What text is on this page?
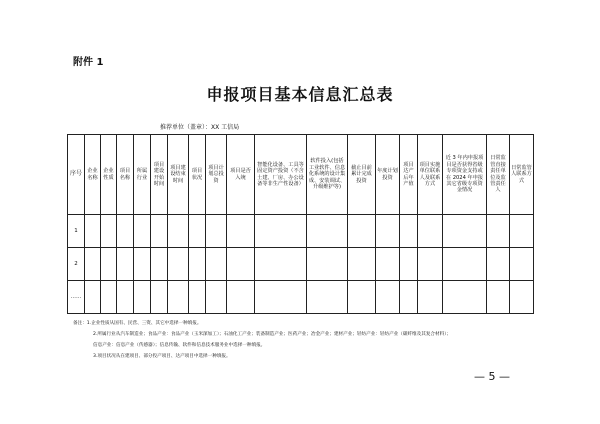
附件 1
申报项目基本信息汇总表
推荐单位（盖章）：XX 工信局
序号	企业名称	企业性质	项目名称	所属行业	项目建设开始时间	项目建设结束时间	项目状况	项目计划总投资	项目是否入统	智能化设备、工具等固定资产投资（不含土建、厂房、办公设备等非生产性设备）	软件投入(包括工业软件、信息化系统的设计集成、安装调试、升级维护等)	截止目前累计完成投资	年度计划投资	项目达产后年产值	项目实施单位联系人及联系方式	近 3 年内申报项目是否获得省级专项资金支持或在 2024 年申报其它省级专项资金情况	日常监管直接责任单位及监管责任人	日常监管人联系方式
1																		
2																		
……																		
备注：1.企业性质从国有、民营、三资、其它中选择一种填报。
2.所属行业从汽车制造业；食品产业：食品产业（玉米深加工）；石油化工产业；装备制造产业；医药产业；冶金产业；建材产业；轻纺产业：轻纺产业（碳纤维及其复合材料）；
信息产业：信息产业（传感器）；信息传输、软件和信息技术服务业中选择一种填报。
3.项目状况从在建项目、部分投产项目、达产项目中选择一种填报。
— 5 —
